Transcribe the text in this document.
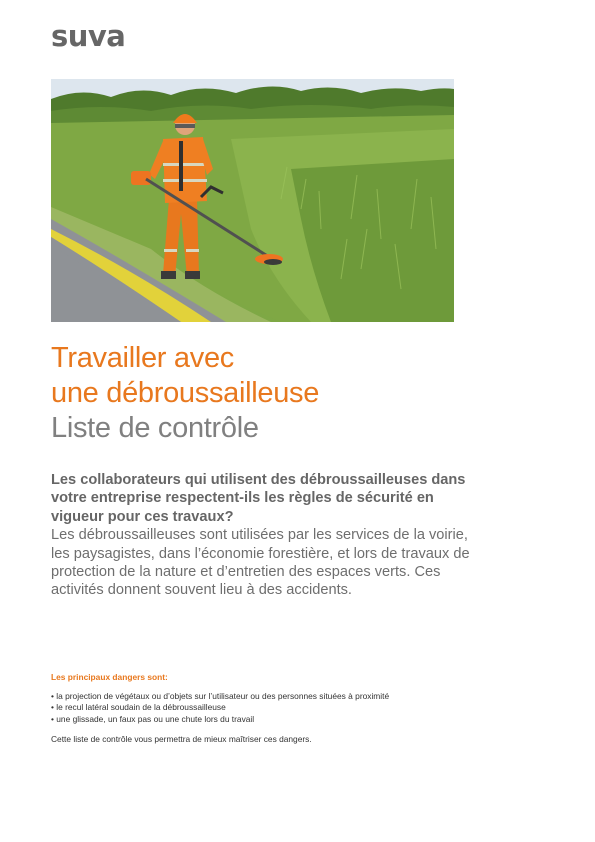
suva
Travailler avec
une débroussailleuse
Liste de contrôle
Les collaborateurs qui utilisent des débroussailleuses dans votre entreprise respectent-ils les règles de sécurité en vigueur pour ces travaux?
Les débroussailleuses sont utilisées par les services de la voirie, les paysagistes, dans l’économie forestière, et lors de travaux de protection de la nature et d’entretien des espaces verts. Ces activités donnent souvent lieu à des accidents.
Les principaux dangers sont:
• la projection de végétaux ou d’objets sur l’utilisateur ou des personnes situées à proximité
• le recul latéral soudain de la débroussailleuse
• une glissade, un faux pas ou une chute lors du travail
Cette liste de contrôle vous permettra de mieux maîtriser ces dangers.
